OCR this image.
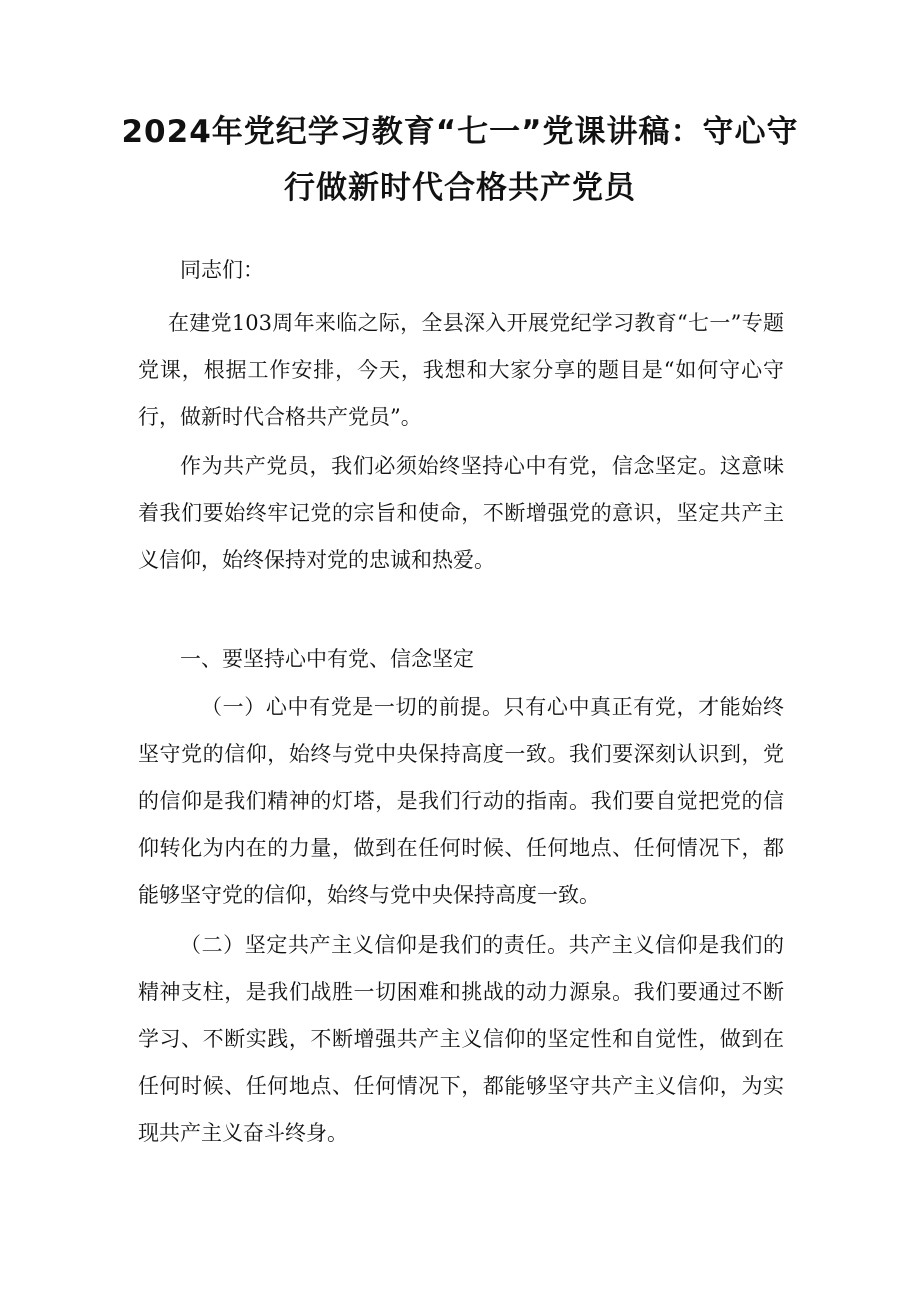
2024年党纪学习教育“七一”党课讲稿：守心守行做新时代合格共产党员

同志们：

在建党103周年来临之际，全县深入开展党纪学习教育“七一”专题党课，根据工作安排，今天，我想和大家分享的题目是“如何守心守行，做新时代合格共产党员”。

作为共产党员，我们必须始终坚持心中有党，信念坚定。这意味着我们要始终牢记党的宗旨和使命，不断增强党的意识，坚定共产主义信仰，始终保持对党的忠诚和热爱。

一、要坚持心中有党、信念坚定

（一）心中有党是一切的前提。只有心中真正有党，才能始终坚守党的信仰，始终与党中央保持高度一致。我们要深刻认识到，党的信仰是我们精神的灯塔，是我们行动的指南。我们要自觉把党的信仰转化为内在的力量，做到在任何时候、任何地点、任何情况下，都能够坚守党的信仰，始终与党中央保持高度一致。

（二）坚定共产主义信仰是我们的责任。共产主义信仰是我们的精神支柱，是我们战胜一切困难和挑战的动力源泉。我们要通过不断学习、不断实践，不断增强共产主义信仰的坚定性和自觉性，做到在任何时候、任何地点、任何情况下，都能够坚守共产主义信仰，为实现共产主义奋斗终身。
